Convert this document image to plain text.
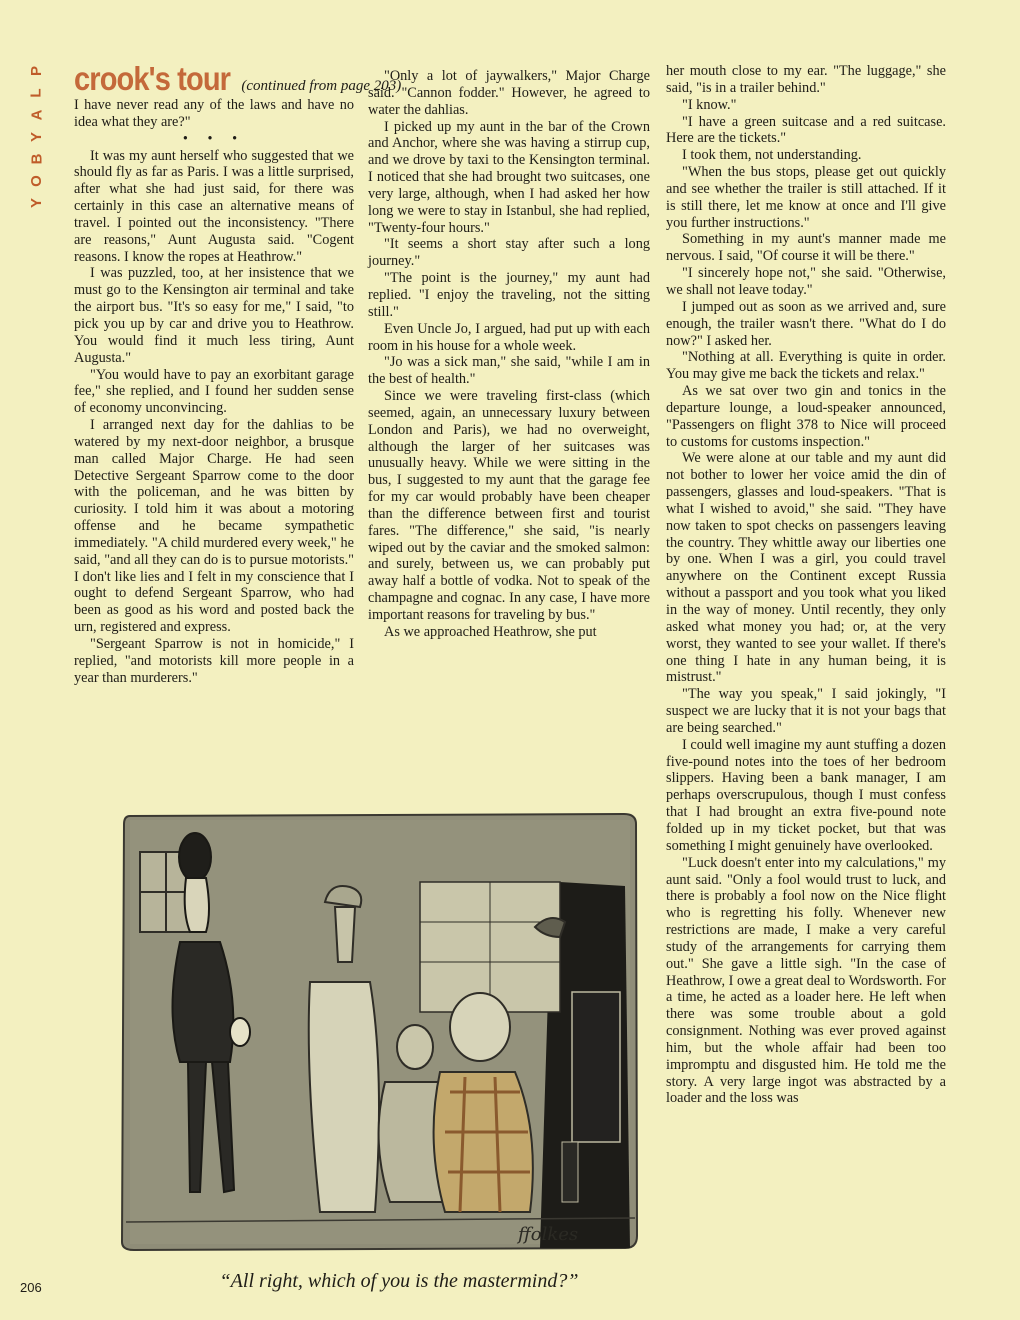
P
L
A
Y
B
O
Y
crook's tour (continued from page 203)

I have never read any of the laws and have no idea what they are?"

• • •

It was my aunt herself who suggested that we should fly as far as Paris. I was a little surprised, after what she had just said, for there was certainly in this case an alternative means of travel. I pointed out the inconsistency. "There are reasons," Aunt Augusta said. "Cogent reasons. I know the ropes at Heathrow."

I was puzzled, too, at her insistence that we must go to the Kensington air terminal and take the airport bus. "It's so easy for me," I said, "to pick you up by car and drive you to Heathrow. You would find it much less tiring, Aunt Augusta."

"You would have to pay an exorbitant garage fee," she replied, and I found her sudden sense of economy unconvincing.

I arranged next day for the dahlias to be watered by my next-door neighbor, a brusque man called Major Charge. He had seen Detective Sergeant Sparrow come to the door with the policeman, and he was bitten by curiosity. I told him it was about a motoring offense and he became sympathetic immediately. "A child murdered every week," he said, "and all they can do is to pursue motorists." I don't like lies and I felt in my conscience that I ought to defend Sergeant Sparrow, who had been as good as his word and posted back the urn, registered and express.

"Sergeant Sparrow is not in homicide," I replied, "and motorists kill more people in a year than murderers."

"Only a lot of jaywalkers," Major Charge said. "Cannon fodder." However, he agreed to water the dahlias.

I picked up my aunt in the bar of the Crown and Anchor, where she was having a stirrup cup, and we drove by taxi to the Kensington terminal. I noticed that she had brought two suitcases, one very large, although, when I had asked her how long we were to stay in Istanbul, she had replied, "Twenty-four hours."

"It seems a short stay after such a long journey."

"The point is the journey," my aunt had replied. "I enjoy the traveling, not the sitting still."

Even Uncle Jo, I argued, had put up with each room in his house for a whole week.

"Jo was a sick man," she said, "while I am in the best of health."

Since we were traveling first-class (which seemed, again, an unnecessary luxury between London and Paris), we had no overweight, although the larger of her suitcases was unusually heavy. While we were sitting in the bus, I suggested to my aunt that the garage fee for my car would probably have been cheaper than the difference between first and tourist fares. "The difference," she said, "is nearly wiped out by the caviar and the smoked salmon: and surely, between us, we can probably put away half a bottle of vodka. Not to speak of the champagne and cognac. In any case, I have more important reasons for traveling by bus."

As we approached Heathrow, she put

her mouth close to my ear. "The luggage," she said, "is in a trailer behind."

"I know."

"I have a green suitcase and a red suitcase. Here are the tickets."

I took them, not understanding.

"When the bus stops, please get out quickly and see whether the trailer is still attached. If it is still there, let me know at once and I'll give you further instructions."

Something in my aunt's manner made me nervous. I said, "Of course it will be there."

"I sincerely hope not," she said. "Otherwise, we shall not leave today."

I jumped out as soon as we arrived and, sure enough, the trailer wasn't there. "What do I do now?" I asked her.

"Nothing at all. Everything is quite in order. You may give me back the tickets and relax."

As we sat over two gin and tonics in the departure lounge, a loud-speaker announced, "Passengers on flight 378 to Nice will proceed to customs for customs inspection."

We were alone at our table and my aunt did not bother to lower her voice amid the din of passengers, glasses and loud-speakers. "That is what I wished to avoid," she said. "They have now taken to spot checks on passengers leaving the country. They whittle away our liberties one by one. When I was a girl, you could travel anywhere on the Continent except Russia without a passport and you took what you liked in the way of money. Until recently, they only asked what money you had; or, at the very worst, they wanted to see your wallet. If there's one thing I hate in any human being, it is mistrust."

"The way you speak," I said jokingly, "I suspect we are lucky that it is not your bags that are being searched."

I could well imagine my aunt stuffing a dozen five-pound notes into the toes of her bedroom slippers. Having been a bank manager, I am perhaps overscrupulous, though I must confess that I had brought an extra five-pound note folded up in my ticket pocket, but that was something I might genuinely have overlooked.

"Luck doesn't enter into my calculations," my aunt said. "Only a fool would trust to luck, and there is probably a fool now on the Nice flight who is regretting his folly. Whenever new restrictions are made, I make a very careful study of the arrangements for carrying them out." She gave a little sigh. "In the case of Heathrow, I owe a great deal to Wordsworth. For a time, he acted as a loader here. He left when there was some trouble about a gold consignment. Nothing was ever proved against him, but the whole affair had been too impromptu and disgusted him. He told me the story. A very large ingot was abstracted by a loader and the loss was

ffolkes
“All right, which of you is the mastermind?”
206
